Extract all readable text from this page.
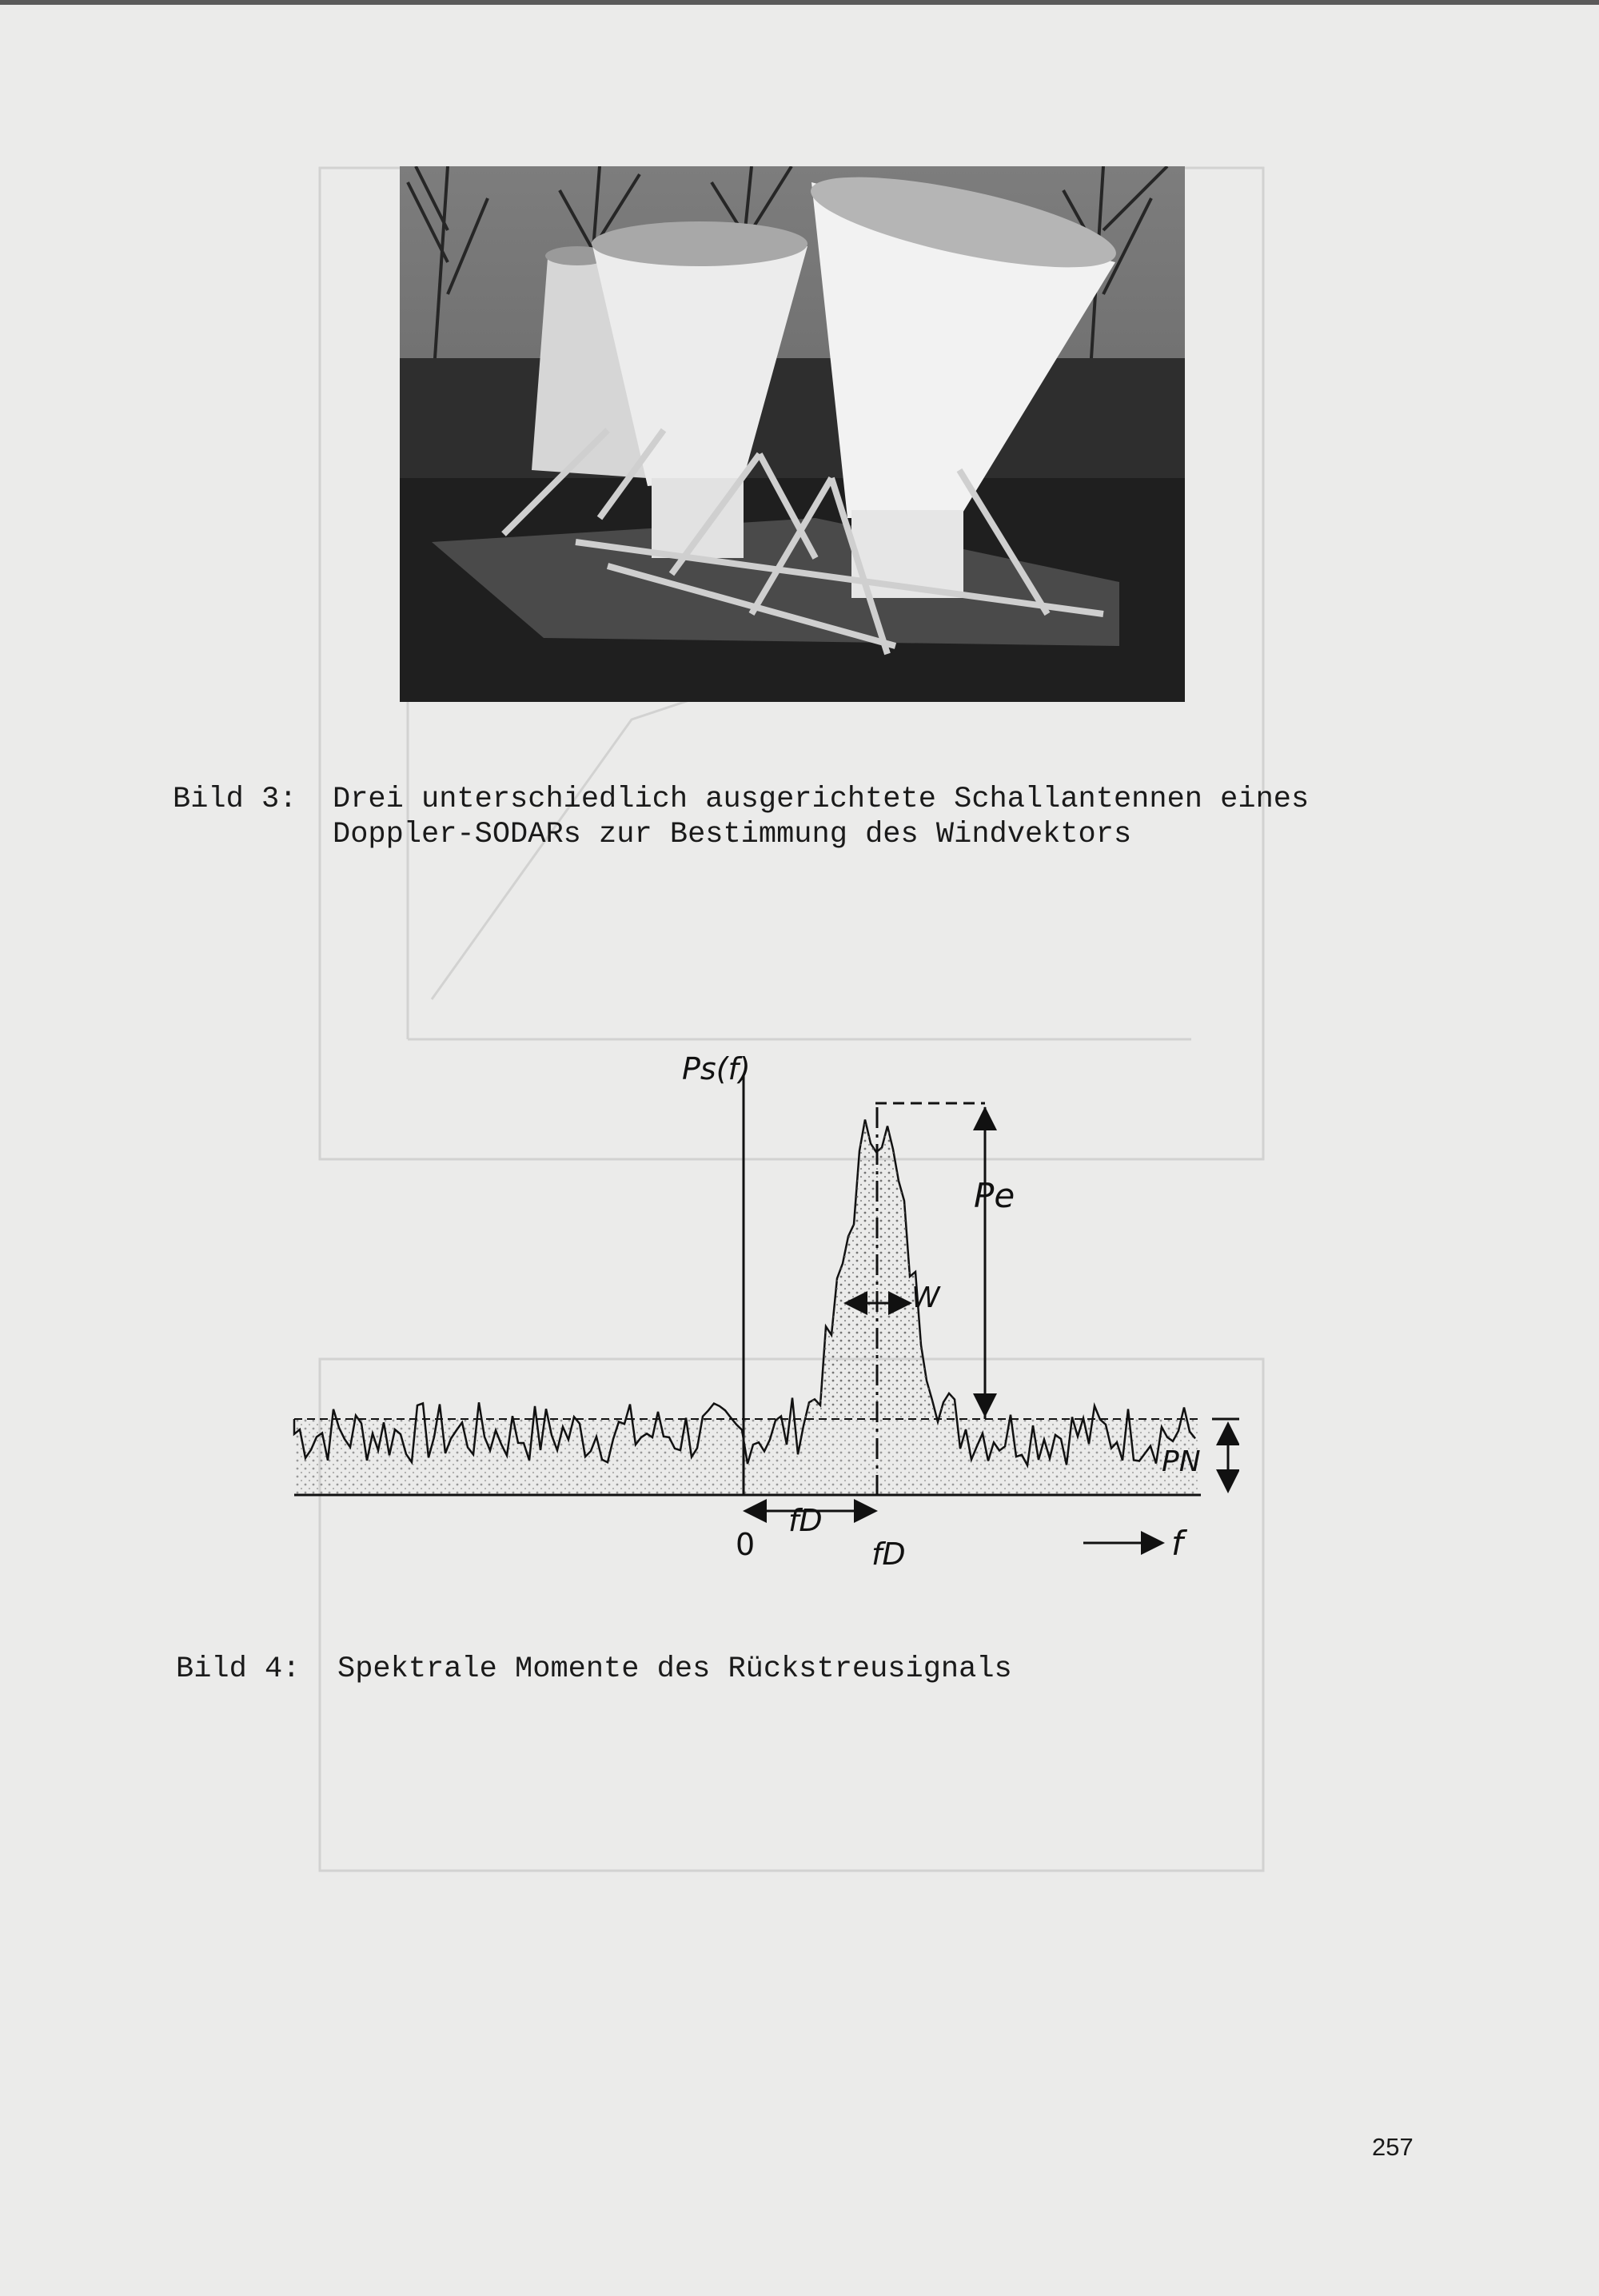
Bild 3: Drei unterschiedlich ausgerichtete Schallantennen eines
Doppler-SODARs zur Bestimmung des Windvektors
Ps(f)
Pe
W
PN
fD
0	fD	f
Bild 4: Spektrale Momente des Rückstreusignals
257
